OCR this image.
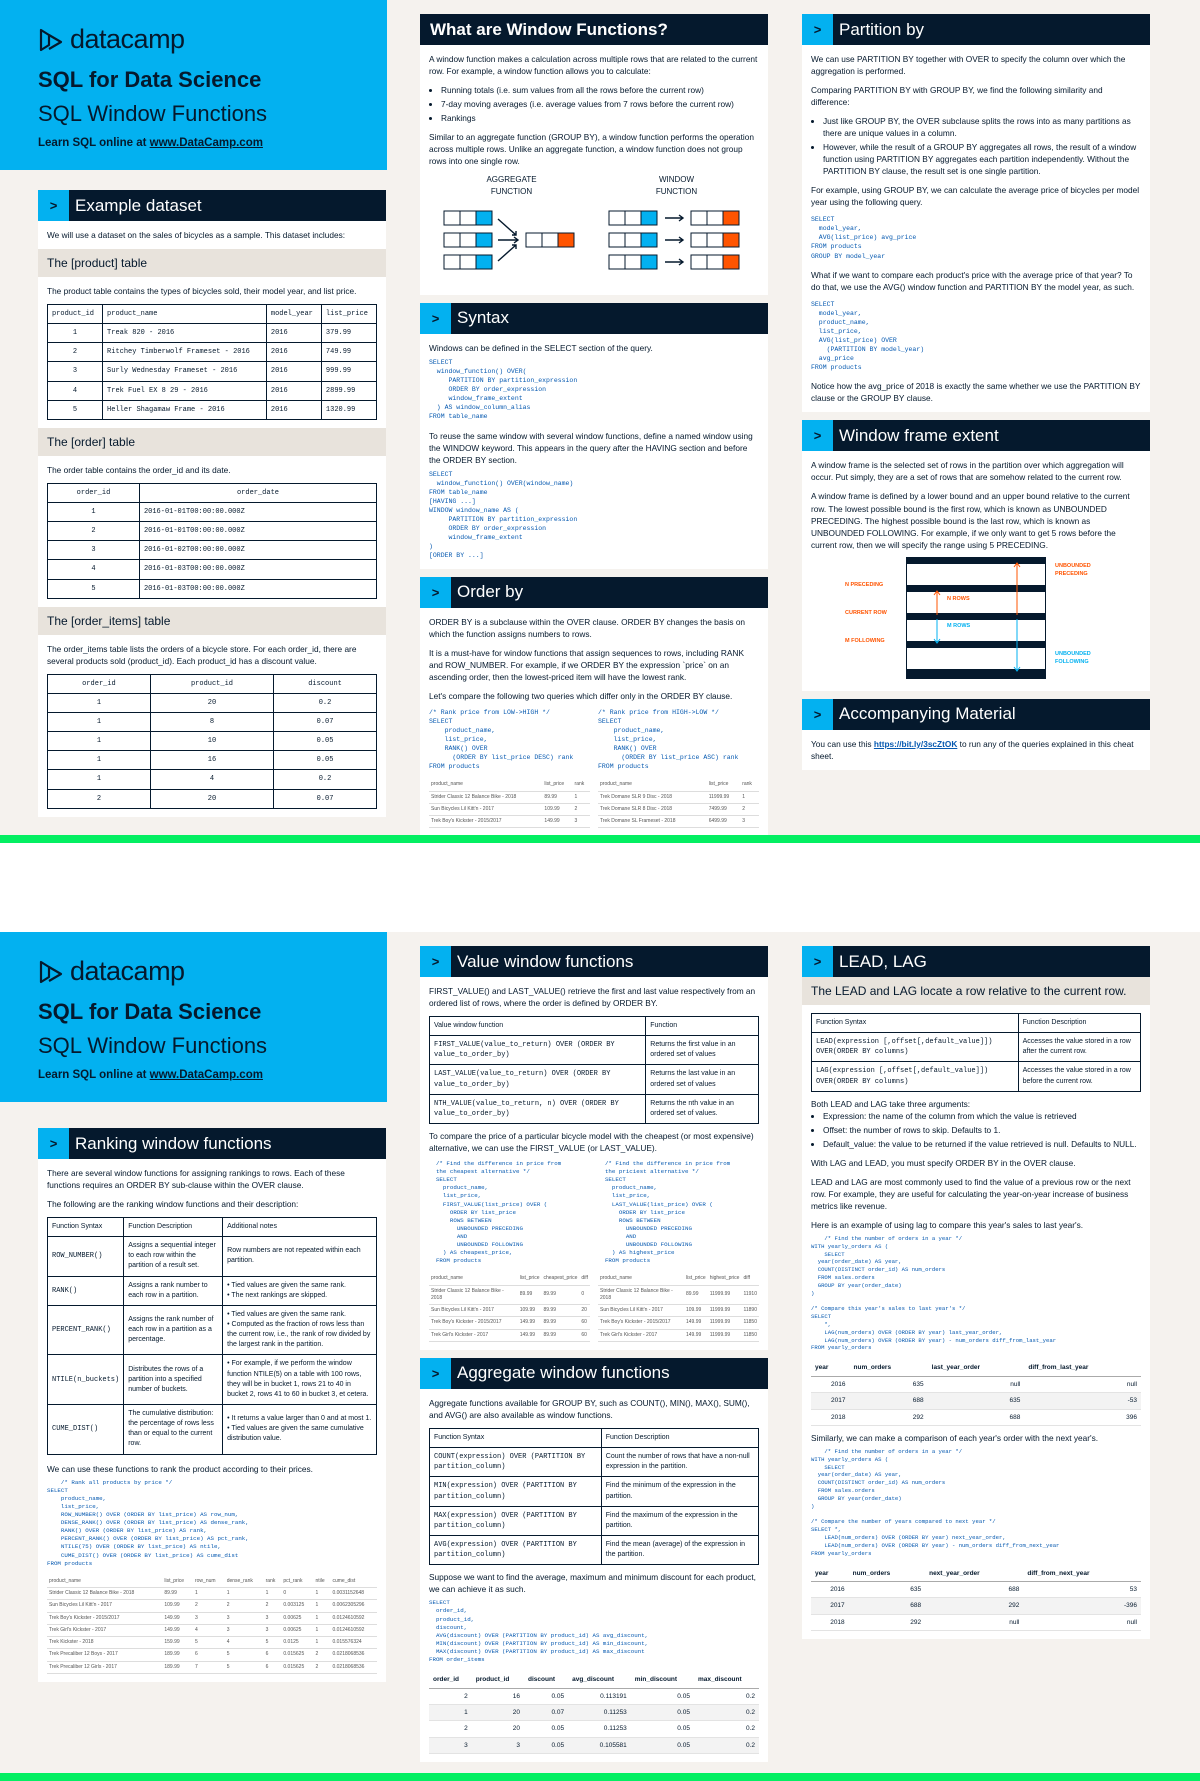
datacamp
SQL for Data Science
SQL Window Functions
Learn SQL online at www.DataCamp.com
>	Example dataset
We will use a dataset on the sales of bicycles as a sample. This dataset includes:
The [product] table

The product table contains the types of bicycles sold, their model year, and list price.

product_id	product_name	model_year	list_price
1	Treak 820 - 2016	2016	379.99
2	Ritchey Timberwolf Frameset - 2016	2016	749.99
3	Surly Wednesday Frameset - 2016	2016	999.99
4	Trek Fuel EX 8 29 - 2016	2016	2899.99
5	Heller Shagamaw Frame - 2016	2016	1320.99
The [order] table

The order table contains the order_id and its date.

order_id	order_date
1	2016-01-01T00:00:00.000Z
2	2016-01-01T00:00:00.000Z
3	2016-01-02T00:00:00.000Z
4	2016-01-03T00:00:00.000Z
5	2016-01-03T00:00:00.000Z
The [order_items] table

The order_items table lists the orders of a bicycle store. For each order_id, there are several products sold (product_id). Each product_id has a discount value.

order_id	product_id	discount
1	20	0.2
1	8	0.07
1	10	0.05
1	16	0.05
1	4	0.2
2	20	0.07
What are Window Functions?

A window function makes a calculation across multiple rows that are related to the current row. For example, a window function allows you to calculate:

• Running totals (i.e. sum values from all the rows before the current row)
• 7-day moving averages (i.e. average values from 7 rows before the current row)
• Rankings

Similar to an aggregate function (GROUP BY), a window function performs the operation across multiple rows. Unlike an aggregate function, a window function does not group rows into one single row.

AGGREGATE
FUNCTION
WINDOW
FUNCTION
>	Syntax

Windows can be defined in the SELECT section of the query.

SELECT
window_function() OVER(
PARTITION BY partition_expression
ORDER BY order_expression
window_frame_extent
) AS window_column_alias
FROM table_name

To reuse the same window with several window functions, define a named window using the WINDOW keyword. This appears in the query after the HAVING section and before the ORDER BY section.

SELECT
window_function() OVER(window_name)
FROM table_name
[HAVING ...]
WINDOW window_name AS (
PARTITION BY partition_expression
ORDER BY order_expression
window_frame_extent
)
[ORDER BY ...]
>	Order by

ORDER BY is a subclause within the OVER clause. ORDER BY changes the basis on which the function assigns numbers to rows.

It is a must-have for window functions that assign sequences to rows, including RANK and ROW_NUMBER. For example, if we ORDER BY the expression `price` on an ascending order, then the lowest-priced item will have the lowest rank.

Let's compare the following two queries which differ only in the ORDER BY clause.

/* Rank price from LOW->HIGH */
SELECT
product_name,
list_price,
RANK() OVER
(ORDER BY list_price DESC) rank
FROM products
product_name	list_price	rank
Strider Classic 12 Balance Bike - 2018	89.99	1
Sun Bicycles Lil Kitt'n - 2017	109.99	2
Trek Boy's Kickster - 2015/2017	149.99	3
/* Rank price from HIGH->LOW */
SELECT
product_name,
list_price,
RANK() OVER
(ORDER BY list_price ASC) rank
FROM products
product_name	list_price	rank
Trek Domane SLR 9 Disc - 2018	11999.99	1
Trek Domane SLR 8 Disc - 2018	7499.99	2
Trek Domane SL Frameset - 2018	6499.99	3
>	Partition by

We can use PARTITION BY together with OVER to specify the column over which the aggregation is performed.

Comparing PARTITION BY with GROUP BY, we find the following similarity and difference:

• Just like GROUP BY, the OVER subclause splits the rows into as many partitions as there are unique values in a column.
• However, while the result of a GROUP BY aggregates all rows, the result of a window function using PARTITION BY aggregates each partition independently. Without the PARTITION BY clause, the result set is one single partition.

For example, using GROUP BY, we can calculate the average price of bicycles per model year using the following query.

SELECT
model_year,
AVG(list_price) avg_price
FROM products
GROUP BY model_year

What if we want to compare each product's price with the average price of that year? To do that, we use the AVG() window function and PARTITION BY the model year, as such.

SELECT
model_year,
product_name,
list_price,
AVG(list_price) OVER
(PARTITION BY model_year)
avg_price
FROM products

Notice how the avg_price of 2018 is exactly the same whether we use the PARTITION BY clause or the GROUP BY clause.

>	Window frame extent

A window frame is the selected set of rows in the partition over which aggregation will occur. Put simply, they are a set of rows that are somehow related to the current row.

A window frame is defined by a lower bound and an upper bound relative to the current row. The lowest possible bound is the first row, which is known as UNBOUNDED PRECEDING. The highest possible bound is the last row, which is known as UNBOUNDED FOLLOWING. For example, if we only want to get 5 rows before the current row, then we will specify the range using 5 PRECEDING.

UNBOUNDED
PRECEDING
N PRECEDING
N ROWS
CURRENT ROW
M ROWS
M FOLLOWING
UNBOUNDED
FOLLOWING
>	Accompanying Material
You can use this https://bit.ly/3scZtOK to run any of the queries explained in this cheat sheet.
datacamp
SQL for Data Science
SQL Window Functions
Learn SQL online at www.DataCamp.com
>	Ranking window functions

There are several window functions for assigning rankings to rows. Each of these functions requires an ORDER BY sub-clause within the OVER clause.

The following are the ranking window functions and their description:

Function Syntax	Function Description	Additional notes
ROW_NUMBER()	Assigns a sequential integer to each row within the partition of a result set.	Row numbers are not repeated within each partition.
RANK()	Assigns a rank number to each row in a partition.	• Tied values are given the same rank.
• The next rankings are skipped.
PERCENT_RANK()	Assigns the rank number of each row in a partition as a percentage.	• Tied values are given the same rank.
• Computed as the fraction of rows less than the current row, i.e., the rank of row divided by the largest rank in the partition.
NTILE(n_buckets)	Distributes the rows of a partition into a specified number of buckets.	• For example, if we perform the window function NTILE(5) on a table with 100 rows, they will be in bucket 1, rows 21 to 40 in bucket 2, rows 41 to 60 in bucket 3, et cetera.
CUME_DIST()	The cumulative distribution: the percentage of rows less than or equal to the current row.	• It returns a value larger than 0 and at most 1.
• Tied values are given the same cumulative distribution value.

We can use these functions to rank the product according to their prices.

/* Rank all products by price */
SELECT
product_name,
list_price,
ROW_NUMBER() OVER (ORDER BY list_price) AS row_num,
DENSE_RANK() OVER (ORDER BY list_price) AS dense_rank,
RANK() OVER (ORDER BY list_price) AS rank,
PERCENT_RANK() OVER (ORDER BY list_price) AS pct_rank,
NTILE(75) OVER (ORDER BY list_price) AS ntile,
CUME_DIST() OVER (ORDER BY list_price) AS cume_dist
FROM products
product_name	list_price	row_num	dense_rank	rank	pct_rank	ntile	cume_dist
Strider Classic 12 Balance Bike - 2018	89.99	1	1	1	0	1	0.0031152648
Sun Bicycles Lil Kitt'n - 2017	109.99	2	2	2	0.003125	1	0.0062305296
Trek Boy's Kickster - 2015/2017	149.99	3	3	3	0.00625	1	0.0124610592
Trek Girl's Kickster - 2017	149.99	4	3	3	0.00625	1	0.0124610592
Trek Kickster - 2018	159.99	5	4	5	0.0125	1	0.015576324
Trek Precaliber 12 Boys - 2017	189.99	6	5	6	0.015625	2	0.0218068536
Trek Precaliber 12 Girls - 2017	189.99	7	5	6	0.015625	2	0.0218068536
>	Value window functions

FIRST_VALUE() and LAST_VALUE() retrieve the first and last value respectively from an ordered list of rows, where the order is defined by ORDER BY.

Value window function	Function
FIRST_VALUE(value_to_return) OVER (ORDER BY value_to_order_by)	Returns the first value in an ordered set of values
LAST_VALUE(value_to_return) OVER (ORDER BY value_to_order_by)	Returns the last value in an ordered set of values
NTH_VALUE(value_to_return, n) OVER (ORDER BY value_to_order_by)	Returns the nth value in an ordered set of values.

To compare the price of a particular bicycle model with the cheapest (or most expensive) alternative, we can use the FIRST_VALUE (or LAST_VALUE).

/* Find the difference in price from
the cheapest alternative */
SELECT
product_name,
list_price,
FIRST_VALUE(list_price) OVER (
ORDER BY list_price
ROWS BETWEEN
UNBOUNDED PRECEDING
AND
UNBOUNDED FOLLOWING
) AS cheapest_price,
FROM products
product_name	list_price	cheapest_price	diff
Strider Classic 12 Balance Bike - 2018	89.99	89.99	0
Sun Bicycles Lil Kitt'n - 2017	109.99	89.99	20
Trek Boy's Kickster - 2015/2017	149.99	89.99	60
Trek Girl's Kickster - 2017	149.99	89.99	60
/* Find the difference in price from
the priciest alternative */
SELECT
product_name,
list_price,
LAST_VALUE(list_price) OVER (
ORDER BY list_price
ROWS BETWEEN
UNBOUNDED PRECEDING
AND
UNBOUNDED FOLLOWING
) AS highest_price
FROM products
product_name	list_price	highest_price	diff
Strider Classic 12 Balance Bike - 2018	89.99	11999.99	11910
Sun Bicycles Lil Kitt'n - 2017	109.99	11999.99	11890
Trek Boy's Kickster - 2015/2017	149.99	11999.99	11850
Trek Girl's Kickster - 2017	149.99	11999.99	11850
>	Aggregate window functions

Aggregate functions available for GROUP BY, such as COUNT(), MIN(), MAX(), SUM(), and AVG() are also available as window functions.

Function Syntax	Function Description
COUNT(expression) OVER (PARTITION BY partition_column)	Count the number of rows that have a non-null expression in the partition.
MIN(expression) OVER (PARTITION BY partition_column)	Find the minimum of the expression in the partition.
MAX(expression) OVER (PARTITION BY partition_column)	Find the maximum of the expression in the partition.
AVG(expression) OVER (PARTITION BY partition_column)	Find the mean (average) of the expression in the partition.

Suppose we want to find the average, maximum and minimum discount for each product, we can achieve it as such.

SELECT
order_id,
product_id,
discount,
AVG(discount) OVER (PARTITION BY product_id) AS avg_discount,
MIN(discount) OVER (PARTITION BY product_id) AS min_discount,
MAX(discount) OVER (PARTITION BY product_id) AS max_discount
FROM order_items
order_id	product_id	discount	avg_discount	min_discount	max_discount
2	16	0.05	0.113191	0.05	0.2
1	20	0.07	0.11253	0.05	0.2
2	20	0.05	0.11253	0.05	0.2
3	3	0.05	0.105581	0.05	0.2
>	LEAD, LAG
The LEAD and LAG locate a row relative to the current row.
Function Syntax	Function Description
LEAD(expression [,offset[,default_value]]) OVER(ORDER BY columns)	Accesses the value stored in a row after the current row.
LAG(expression [,offset[,default_value]]) OVER(ORDER BY columns)	Accesses the value stored in a row before the current row.

Both LEAD and LAG take three arguments:

• Expression: the name of the column from which the value is retrieved
• Offset: the number of rows to skip. Defaults to 1.
• Default_value: the value to be returned if the value retrieved is null. Defaults to NULL.

With LAG and LEAD, you must specify ORDER BY in the OVER clause.

LEAD and LAG are most commonly used to find the value of a previous row or the next row. For example, they are useful for calculating the year-on-year increase of business metrics like revenue.

Here is an example of using lag to compare this year's sales to last year's.

/* Find the number of orders in a year */
WITH yearly_orders AS (
SELECT
year(order_date) AS year,
COUNT(DISTINCT order_id) AS num_orders
FROM sales.orders
GROUP BY year(order_date)
)

/* Compare this year's sales to last year's */
SELECT
*,
LAG(num_orders) OVER (ORDER BY year) last_year_order,
LAG(num_orders) OVER (ORDER BY year) - num_orders diff_from_last_year
FROM yearly_orders
year	num_orders	last_year_order	diff_from_last_year
2016	635	null	null
2017	688	635	-53
2018	292	688	396

Similarly, we can make a comparison of each year's order with the next year's.

/* Find the number of orders in a year */
WITH yearly_orders AS (
SELECT
year(order_date) AS year,
COUNT(DISTINCT order_id) AS num_orders
FROM sales.orders
GROUP BY year(order_date)
)

/* Compare the number of years compared to next year */
SELECT *,
LEAD(num_orders) OVER (ORDER BY year) next_year_order,
LEAD(num_orders) OVER (ORDER BY year) - num_orders diff_from_next_year
FROM yearly_orders
year	num_orders	next_year_order	diff_from_next_year
2016	635	688	53
2017	688	292	-396
2018	292	null	null
